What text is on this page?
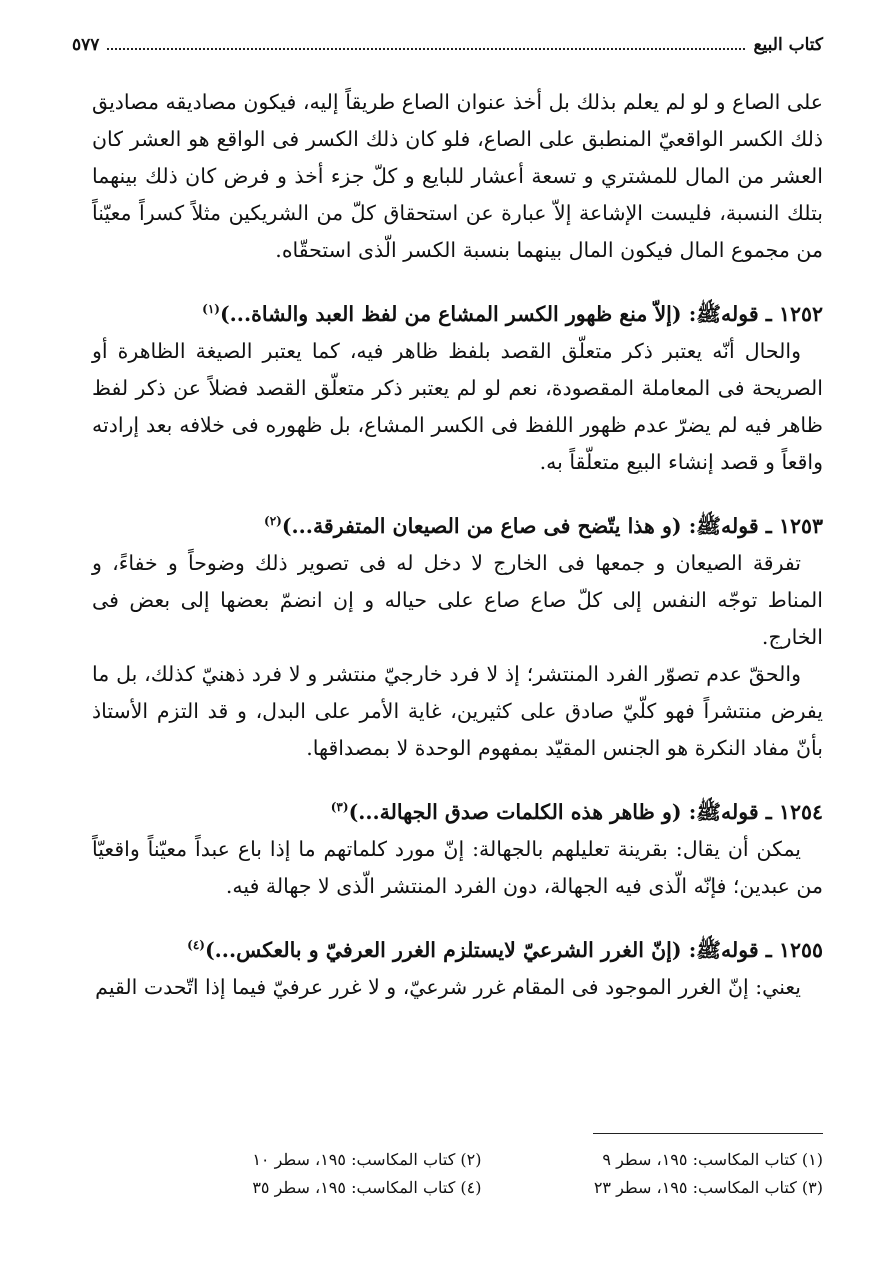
كتاب البيع
٥٧٧

على الصاع و لو لم يعلم بذلك بل أخذ عنوان الصاع طريقاً إليه، فيكون مصاديقه مصاديق ذلك الكسر الواقعيّ المنطبق على الصاع، فلو كان ذلك الكسر فى الواقع هو العشر كان العشر من المال للمشتري و تسعة أعشار للبايع و كلّ جزء أخذ و فرض كان ذلك بينهما بتلك النسبة، فليست الإشاعة إلاّ عبارة عن استحقاق كلّ من الشريكين مثلاً كسراً معيّناً من مجموع المال فيكون المال بينهما بنسبة الكسر الّذى استحقّاه.

١٢٥٢ ـ قوله‌ﷺ: (إلاّ منع ظهور الكسر المشاع من لفظ العبد والشاة...)$^{(١)}$

والحال أنّه يعتبر ذكر متعلّق القصد بلفظ ظاهر فيه، كما يعتبر الصيغة الظاهرة أو الصريحة فى المعاملة المقصودة، نعم لو لم يعتبر ذكر متعلّق القصد فضلاً عن ذكر لفظ ظاهر فيه لم يضرّ عدم ظهور اللفظ فى الكسر المشاع، بل ظهوره فى خلافه بعد إرادته واقعاً و قصد إنشاء البيع متعلّقاً به.

١٢٥٣ ـ قوله‌ﷺ: (و هذا يتّضح فى صاع من الصيعان المتفرقة...)$^{(٢)}$

تفرقة الصيعان و جمعها فى الخارج لا دخل له فى تصوير ذلك وضوحاً و خفاءً، و المناط توجّه النفس إلى كلّ صاع صاع على حياله و إن انضمّ بعضها إلى بعض فى الخارج.

والحقّ عدم تصوّر الفرد المنتشر؛ إذ لا فرد خارجيّ منتشر و لا فرد ذهنيّ كذلك، بل ما يفرض منتشراً فهو كلّيّ صادق على كثيرين، غاية الأمر على البدل، و قد التزم الأستاذ بأنّ مفاد النكرة هو الجنس المقيّد بمفهوم الوحدة لا بمصداقها.

١٢٥٤ ـ قوله‌ﷺ: (و ظاهر هذه الكلمات صدق الجهالة...)$^{(٣)}$

يمكن أن يقال: بقرينة تعليلهم بالجهالة: إنّ مورد كلماتهم ما إذا باع عبداً معيّناً واقعيّاً من عبدين؛ فإنّه الّذى فيه الجهالة، دون الفرد المنتشر الّذى لا جهالة فيه.

١٢٥٥ ـ قوله‌ﷺ: (إنّ الغرر الشرعيّ لايستلزم الغرر العرفيّ و بالعكس...)$^{(٤)}$

يعني: إنّ الغرر الموجود فى المقام غرر شرعيّ، و لا غرر عرفيّ فيما إذا اتّحدت القيم

(١) كتاب المكاسب: ١٩٥، سطر ٩
(٢) كتاب المكاسب: ١٩٥، سطر ١٠
(٣) كتاب المكاسب: ١٩٥، سطر ٢٣
(٤) كتاب المكاسب: ١٩٥، سطر ٣٥
